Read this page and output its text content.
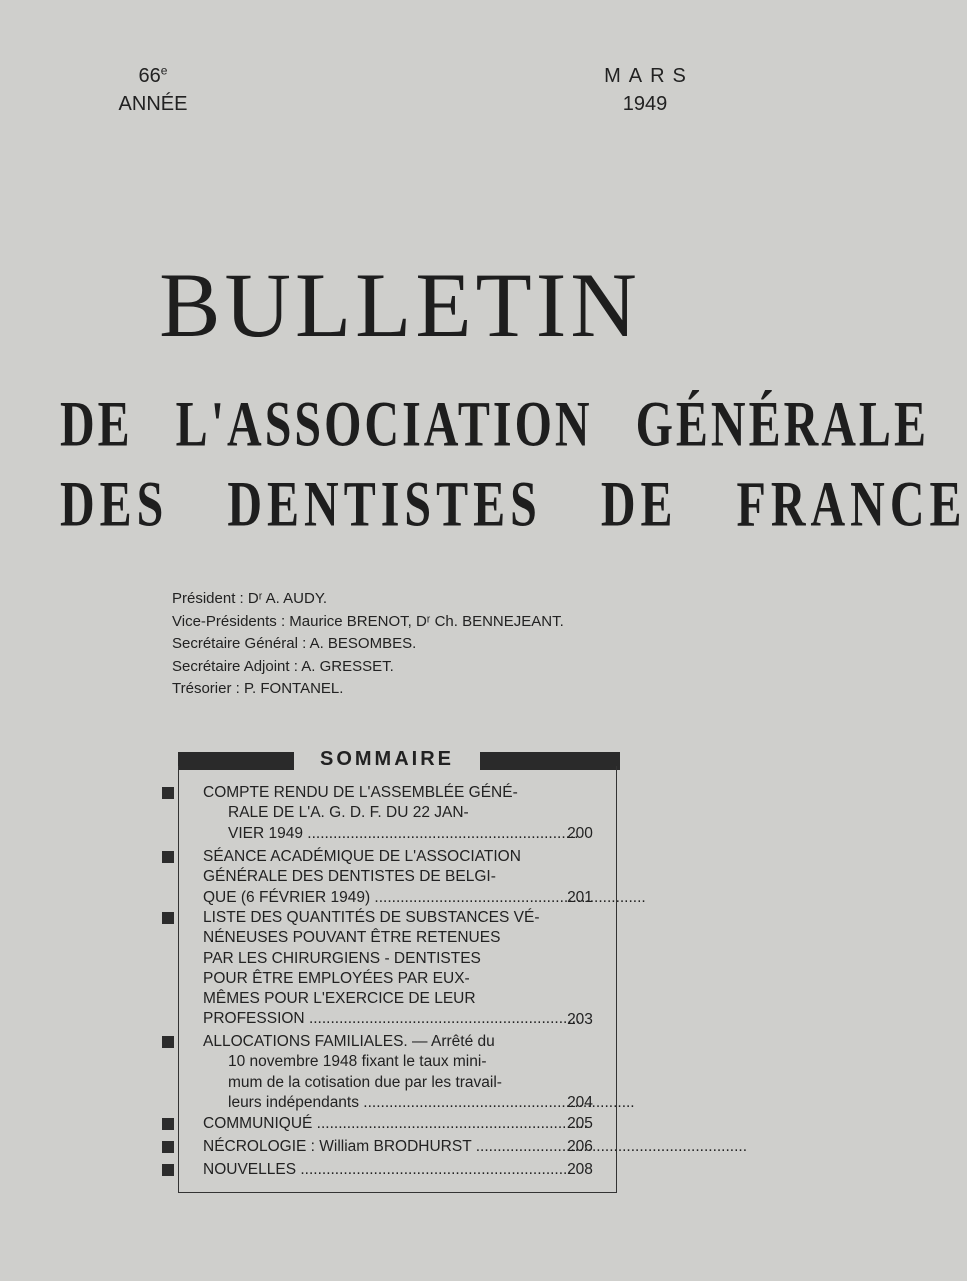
66e
ANNÉE
MARS
1949
BULLETIN
DE L'ASSOCIATION GÉNÉRALE
DES DENTISTES DE FRANCE
Président : Dʳ A. AUDY.
Vice-Présidents : Maurice BRENOT, Dʳ Ch. BENNEJEANT.
Secrétaire Général : A. BESOMBES.
Secrétaire Adjoint : A. GRESSET.
Trésorier : P. FONTANEL.
SOMMAIRE
COMPTE RENDU DE L'ASSEMBLÉE GÉNÉ-
RALE DE L'A. G. D. F. DU 22 JAN-
VIER 1949 .....	200
SÉANCE ACADÉMIQUE DE L'ASSOCIATION
GÉNÉRALE DES DENTISTES DE BELGI-
QUE (6 FÉVRIER 1949) .....	201
LISTE DES QUANTITÉS DE SUBSTANCES VÉ-
NÉNEUSES POUVANT ÊTRE RETENUES
PAR LES CHIRURGIENS - DENTISTES
POUR ÊTRE EMPLOYÉES PAR EUX-
MÊMES POUR L'EXERCICE DE LEUR
PROFESSION .....	203
ALLOCATIONS FAMILIALES. — Arrêté du
10 novembre 1948 fixant le taux mini-
mum de la cotisation due par les travail-
leurs indépendants .....	204
COMMUNIQUÉ .....	205
NÉCROLOGIE : William BRODHURST .....	206
NOUVELLES .....	208
